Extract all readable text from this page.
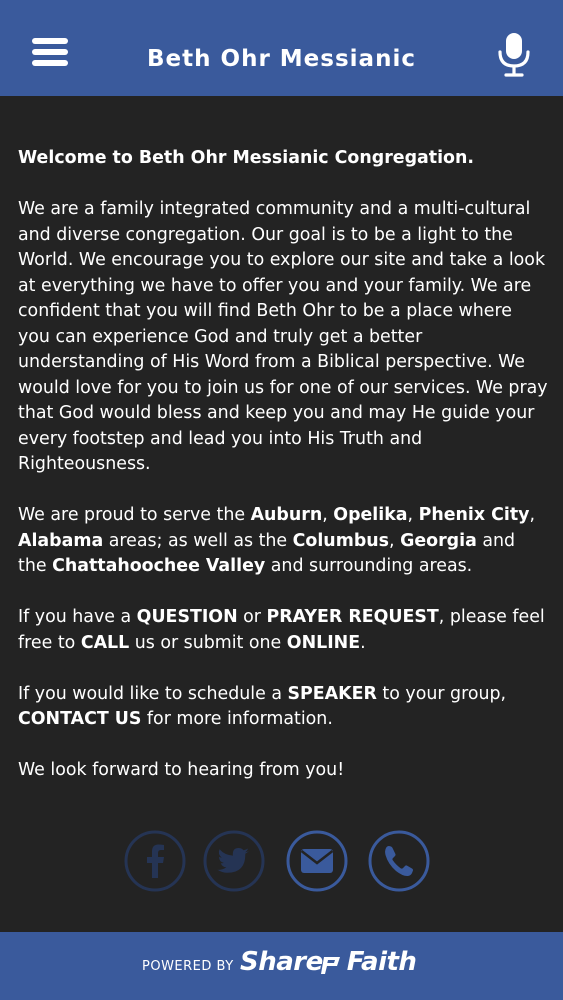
Beth Ohr Messianic

Welcome to Beth Ohr Messianic Congregation.

We are a family integrated community and a multi-cultural and diverse congregation. Our goal is to be a light to the World. We encourage you to explore our site and take a look at everything we have to offer you and your family. We are confident that you will find Beth Ohr to be a place where you can experience God and truly get a better understanding of His Word from a Biblical perspective. We would love for you to join us for one of our services. We pray that God would bless and keep you and may He guide your every footstep and lead you into His Truth and Righteousness.

We are proud to serve the Auburn, Opelika, Phenix City, Alabama areas; as well as the Columbus, Georgia and the Chattahoochee Valley and surrounding areas.

If you have a QUESTION or PRAYER REQUEST, please feel free to CALL us or submit one ONLINE.

If you would like to schedule a SPEAKER to your group, CONTACT US for more information.

We look forward to hearing from you!

POWERED BY Share Faith
